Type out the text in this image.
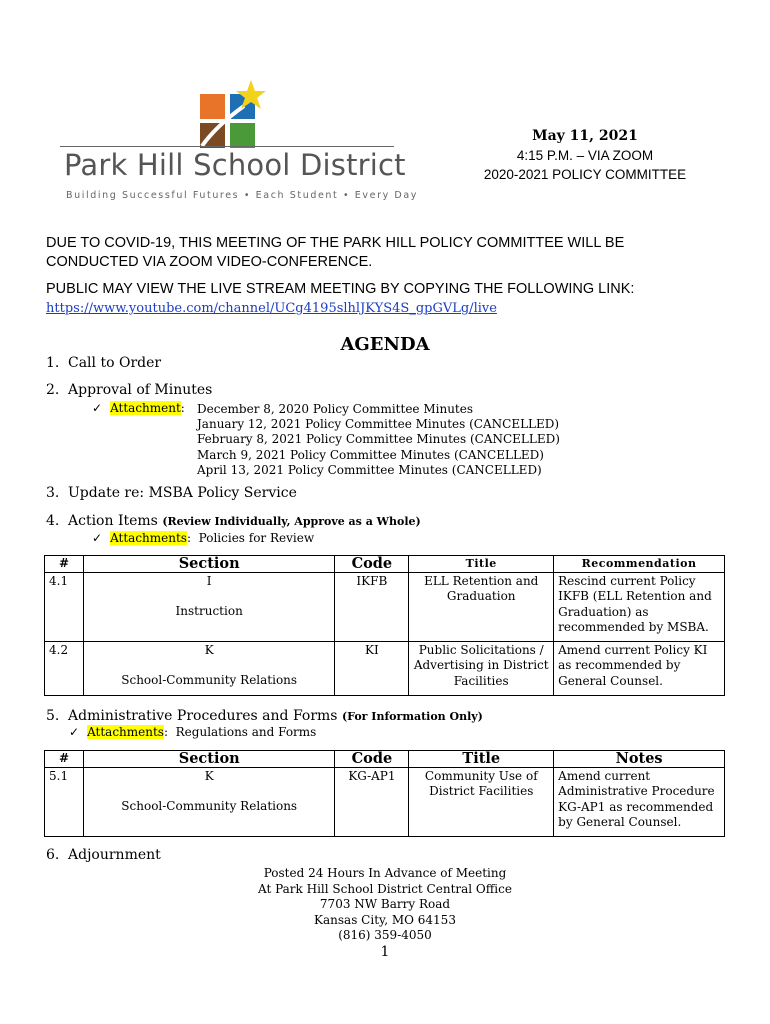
Park Hill School District
Building Successful Futures • Each Student • Every Day
May 11, 2021
4:15 P.M. – VIA ZOOM
2020-2021 POLICY COMMITTEE
DUE TO COVID-19, THIS MEETING OF THE PARK HILL POLICY COMMITTEE WILL BE
CONDUCTED VIA ZOOM VIDEO-CONFERENCE.
PUBLIC MAY VIEW THE LIVE STREAM MEETING BY COPYING THE FOLLOWING LINK:
https://www.youtube.com/channel/UCg4195slhlJKYS4S_gpGVLg/live
AGENDA
1. Call to Order
2. Approval of Minutes
✓ Attachment: December 8, 2020 Policy Committee Minutes
January 12, 2021 Policy Committee Minutes (CANCELLED)
February 8, 2021 Policy Committee Minutes (CANCELLED)
March 9, 2021 Policy Committee Minutes (CANCELLED)
April 13, 2021 Policy Committee Minutes (CANCELLED)
3. Update re: MSBA Policy Service
4. Action Items (Review Individually, Approve as a Whole)
✓ Attachments:  Policies for Review
#	Section	Code	Title	Recommendation
4.1	I
Instruction	IKFB	ELL Retention and Graduation	Rescind current Policy IKFB (ELL Retention and Graduation) as recommended by MSBA.
4.2	K
School-Community Relations	KI	Public Solicitations / Advertising in District Facilities	Amend current Policy KI as recommended by General Counsel.
5. Administrative Procedures and Forms (For Information Only)
✓ Attachments:  Regulations and Forms
#	Section	Code	Title	Notes
5.1	K
School-Community Relations	KG-AP1	Community Use of District Facilities	Amend current Administrative Procedure KG-AP1 as recommended by General Counsel.
6. Adjournment
Posted 24 Hours In Advance of Meeting
At Park Hill School District Central Office
7703 NW Barry Road
Kansas City, MO 64153
(816) 359-4050
1
